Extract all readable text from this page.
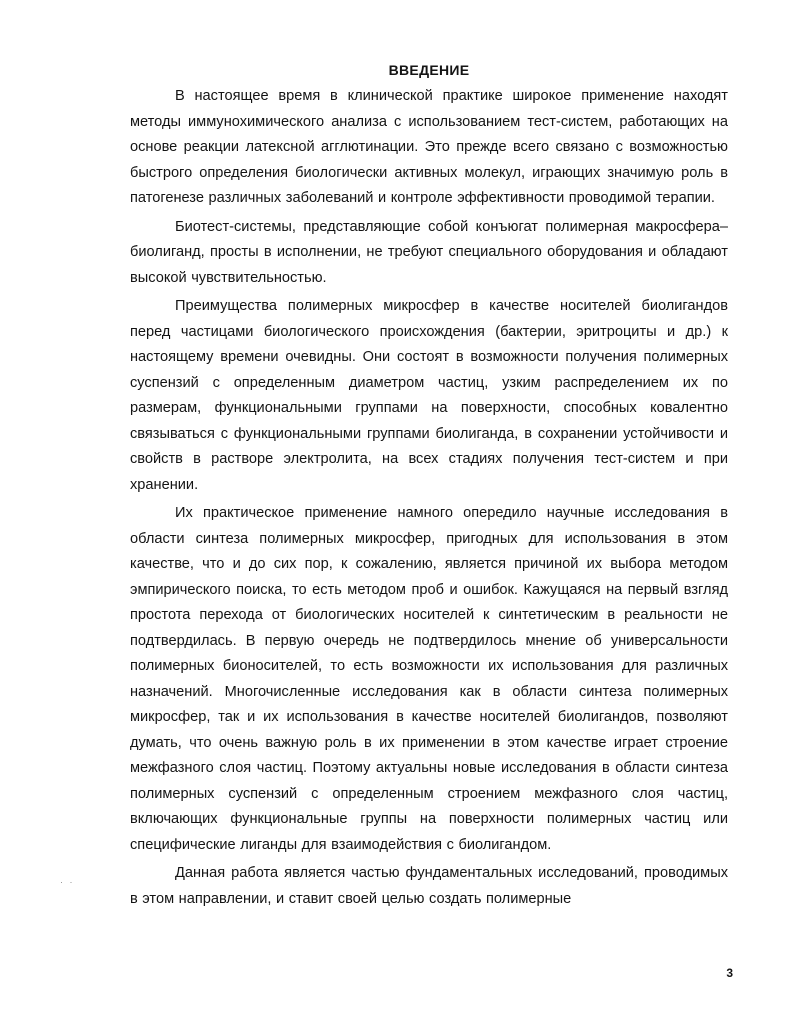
ВВЕДЕНИЕ

В настоящее время в клинической практике широкое применение находят методы иммунохимического анализа с использованием тест-систем, работающих на основе реакции латексной агглютинации. Это прежде всего связано с возможностью быстрого определения биологически активных молекул, играющих значимую роль в патогенезе различных заболеваний и контроле эффективности проводимой терапии.

Биотест-системы, представляющие собой конъюгат полимерная макросфера–биолиганд, просты в исполнении, не требуют специального оборудования и обладают высокой чувствительностью.

Преимущества полимерных микросфер в качестве носителей биолигандов перед частицами биологического происхождения (бактерии, эритроциты и др.) к настоящему времени очевидны. Они состоят в возможности получения полимерных суспензий с определенным диаметром частиц, узким распределением их по размерам, функциональными группами на поверхности, способных ковалентно связываться с функциональными группами биолиганда, в сохранении устойчивости и свойств в растворе электролита, на всех стадиях получения тест-систем и при хранении.

Их практическое применение намного опередило научные исследования в области синтеза полимерных микросфер, пригодных для использования в этом качестве, что и до сих пор, к сожалению, является причиной их выбора методом эмпирического поиска, то есть методом проб и ошибок. Кажущаяся на первый взгляд простота перехода от биологических носителей к синтетическим в реальности не подтвердилась. В первую очередь не подтвердилось мнение об универсальности полимерных бионосителей, то есть возможности их использования для различных назначений. Многочисленные исследования как в области синтеза полимерных микросфер, так и их использования в качестве носителей биолигандов, позволяют думать, что очень важную роль в их применении в этом качестве играет строение межфазного слоя частиц. Поэтому актуальны новые исследования в области синтеза полимерных суспензий с определенным строением межфазного слоя частиц, включающих функциональные группы на поверхности полимерных частиц или специфические лиганды для взаимодействия с биолигандом.

Данная работа является частью фундаментальных исследований, проводимых в этом направлении, и ставит своей целью создать полимерные

· ·
3
